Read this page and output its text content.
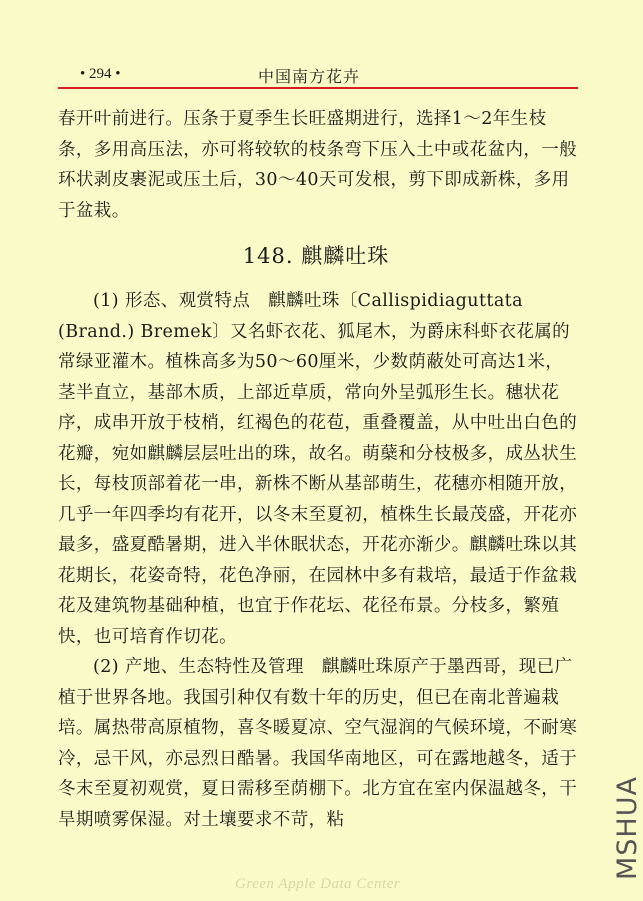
• 294 •	中国南方花卉

春开叶前进行。压条于夏季生长旺盛期进行，选择1～2年生枝条，多用高压法，亦可将较软的枝条弯下压入土中或花盆内，一般环状剥皮裹泥或压土后，30～40天可发根，剪下即成新株，多用于盆栽。

148. 麒麟吐珠

(1) 形态、观赏特点　麒麟吐珠〔Callispidiaguttata (Brand.) Bremek〕又名虾衣花、狐尾木，为爵床科虾衣花属的常绿亚灌木。植株高多为50～60厘米，少数荫蔽处可高达1米，茎半直立，基部木质，上部近草质，常向外呈弧形生长。穗状花序，成串开放于枝梢，红褐色的花苞，重叠覆盖，从中吐出白色的花瓣，宛如麒麟层层吐出的珠，故名。萌蘖和分枝极多，成丛状生长，每枝顶部着花一串，新株不断从基部萌生，花穗亦相随开放，几乎一年四季均有花开，以冬末至夏初，植株生长最茂盛，开花亦最多，盛夏酷暑期，进入半休眠状态，开花亦渐少。麒麟吐珠以其花期长，花姿奇特，花色净丽，在园林中多有栽培，最适于作盆栽花及建筑物基础种植，也宜于作花坛、花径布景。分枝多，繁殖快，也可培育作切花。

(2) 产地、生态特性及管理　麒麟吐珠原产于墨西哥，现已广植于世界各地。我国引种仅有数十年的历史，但已在南北普遍栽培。属热带高原植物，喜冬暖夏凉、空气湿润的气候环境，不耐寒冷，忌干风，亦忌烈日酷暑。我国华南地区，可在露地越冬，适于冬末至夏初观赏，夏日需移至荫棚下。北方宜在室内保温越冬，干旱期喷雾保湿。对土壤要求不苛，粘

Green Apple Data Center
MSHUA
